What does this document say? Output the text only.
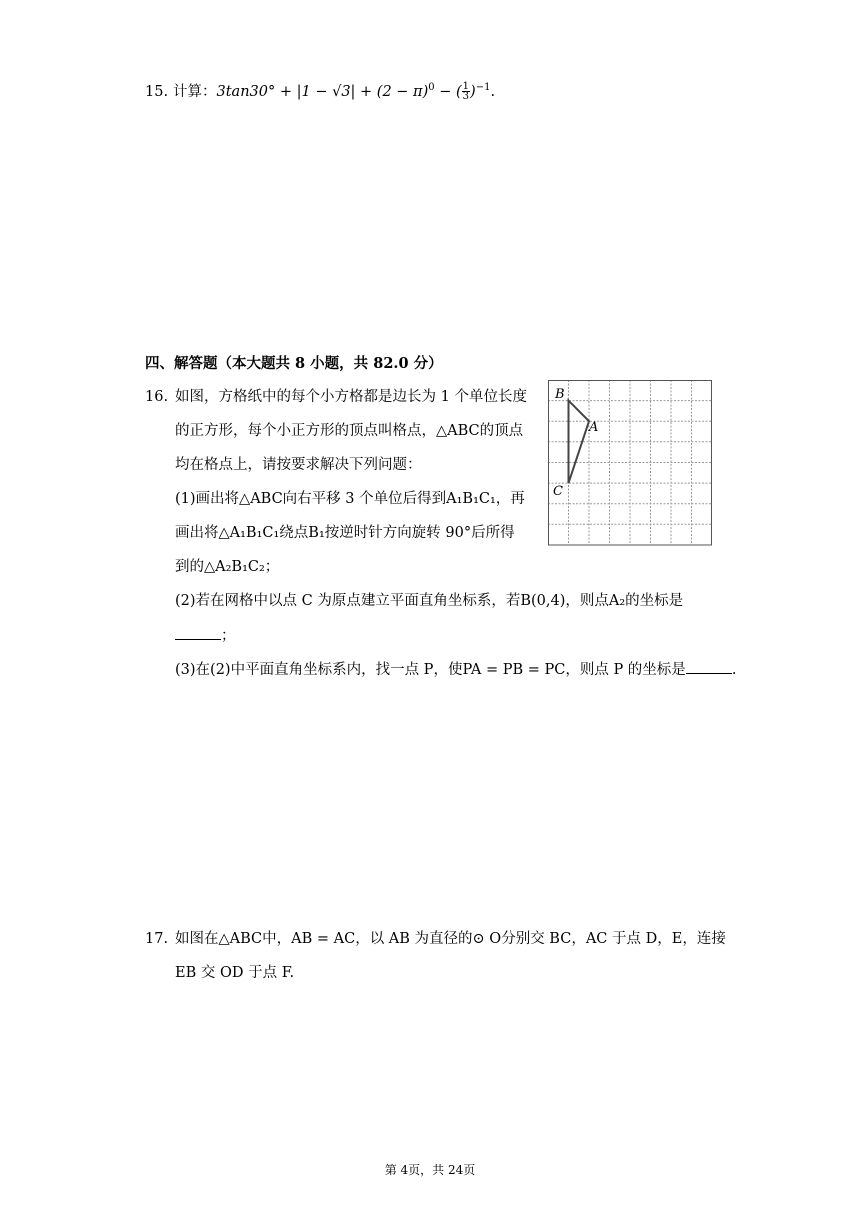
15. 计算：$3\tan 30^\circ + |1 - √3| + (2 - \pi)^0$ − ( $\frac{1}{3} )^{-1}$.
四、解答题（本大题共 8 小题，共 82.0 分）
16. 如图，方格纸中的每个小方格都是边长为 1 个单位长度
的正方形，每个小正方形的顶点叫格点，△ABC的顶点
均在格点上，请按要求解决下列问题：
(1)画出将△ABC向右平移 3 个单位后得到A₁B₁C₁，再
画出将△A₁B₁C₁绕点B₁按逆时针方向旋转 90°后所得
到的△A₂B₁C₂；
(2)若在网格中以点 C 为原点建立平面直角坐标系，若B(0,4)，则点A₂的坐标是
；
(3)在(2)中平面直角坐标系内，找一点 P，使PA = PB = PC，则点 P 的坐标是	.
B
A
C
17. 如图在△ABC中，AB = AC，以 AB 为直径的⊙ O分别交 BC，AC 于点 D，E，连接
EB 交 OD 于点 F.
第 4页，共 24页
